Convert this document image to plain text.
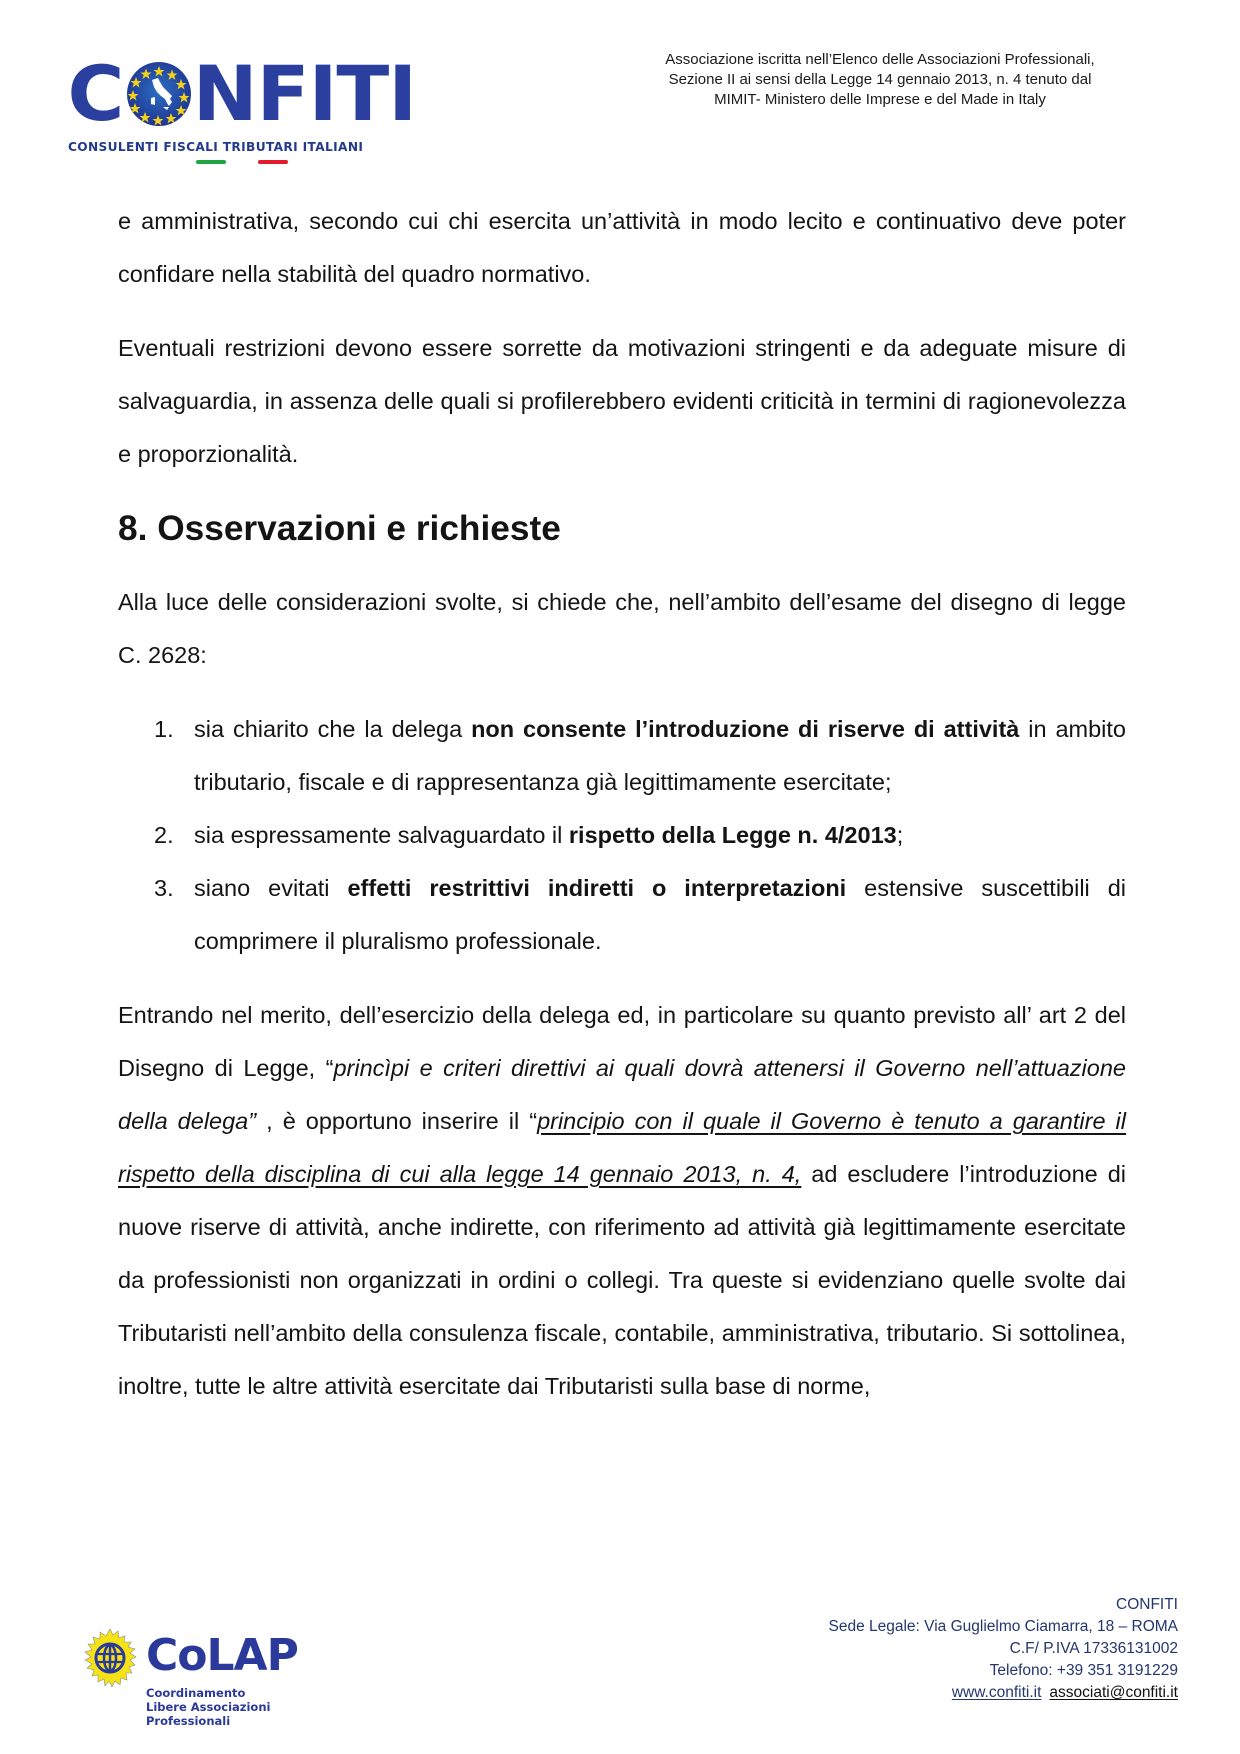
C NFITI
CONSULENTI FISCALI TRIBUTARI ITALIANI
Associazione iscritta nell’Elenco delle Associazioni Professionali,
Sezione II ai sensi della Legge 14 gennaio 2013, n. 4 tenuto dal
MIMIT- Ministero delle Imprese e del Made in Italy

e amministrativa, secondo cui chi esercita un’attività in modo lecito e continuativo deve poter confidare nella stabilità del quadro normativo.

Eventuali restrizioni devono essere sorrette da motivazioni stringenti e da adeguate misure di salvaguardia, in assenza delle quali si profilerebbero evidenti criticità in termini di ragionevolezza e proporzionalità.

8. Osservazioni e richieste

Alla luce delle considerazioni svolte, si chiede che, nell’ambito dell’esame del disegno di legge C. 2628:

1. sia chiarito che la delega non consente l’introduzione di riserve di attività in ambito tributario, fiscale e di rappresentanza già legittimamente esercitate;
2. sia espressamente salvaguardato il rispetto della Legge n. 4/2013;
3. siano evitati effetti restrittivi indiretti o interpretazioni estensive suscettibili di comprimere il pluralismo professionale.

Entrando nel merito, dell’esercizio della delega ed, in particolare su quanto previsto all’ art 2 del Disegno di Legge, “princìpi e criteri direttivi ai quali dovrà attenersi il Governo nell’attuazione della delega” , è opportuno inserire il “principio con il quale il Governo è tenuto a garantire il rispetto della disciplina di cui alla legge 14 gennaio 2013, n. 4, ad escludere l’introduzione di nuove riserve di attività, anche indirette, con riferimento ad attività già legittimamente esercitate da professionisti non organizzati in ordini o collegi. Tra queste si evidenziano quelle svolte dai Tributaristi nell’ambito della consulenza fiscale, contabile, amministrativa, tributario. Si sottolinea, inoltre, tutte le altre attività esercitate dai Tributaristi sulla base di norme,

CoLAP
Coordinamento
Libere Associazioni
Professionali
CONFITI
Sede Legale: Via Guglielmo Ciamarra, 18 – ROMA
C.F/ P.IVA 17336131002
Telefono: +39 351 3191229
www.confiti.it associati@confiti.it
